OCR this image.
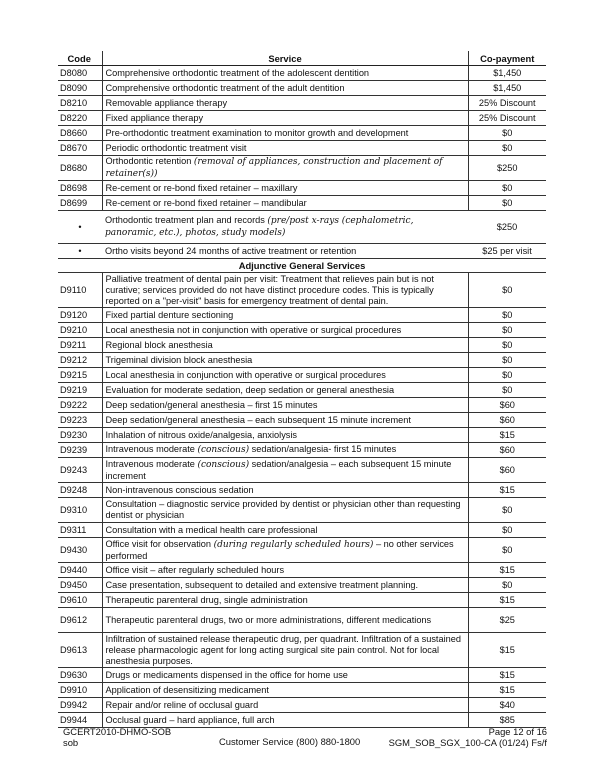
Code	Service	Co-payment
D8080	Comprehensive orthodontic treatment of the adolescent dentition	$1,450
D8090	Comprehensive orthodontic treatment of the adult dentition	$1,450
D8210	Removable appliance therapy	25% Discount
D8220	Fixed appliance therapy	25% Discount
D8660	Pre-orthodontic treatment examination to monitor growth and development	$0
D8670	Periodic orthodontic treatment visit	$0
D8680	Orthodontic retention (removal of appliances, construction and placement of retainer(s))	$250
D8698	Re-cement or re-bond fixed retainer – maxillary	$0
D8699	Re-cement or re-bond fixed retainer – mandibular	$0
•	Orthodontic treatment plan and records (pre/post x-rays (cephalometric, panoramic, etc.), photos, study models)	$250
•	Ortho visits beyond 24 months of active treatment or retention	$25 per visit
Adjunctive General Services		
D9110	Palliative treatment of dental pain per visit: Treatment that relieves pain but is not curative; services provided do not have distinct procedure codes. This is typically reported on a "per-visit" basis for emergency treatment of dental pain.	$0
D9120	Fixed partial denture sectioning	$0
D9210	Local anesthesia not in conjunction with operative or surgical procedures	$0
D9211	Regional block anesthesia	$0
D9212	Trigeminal division block anesthesia	$0
D9215	Local anesthesia in conjunction with operative or surgical procedures	$0
D9219	Evaluation for moderate sedation, deep sedation or general anesthesia	$0
D9222	Deep sedation/general anesthesia – first 15 minutes	$60
D9223	Deep sedation/general anesthesia – each subsequent 15 minute increment	$60
D9230	Inhalation of nitrous oxide/analgesia, anxiolysis	$15
D9239	Intravenous moderate (conscious) sedation/analgesia- first 15 minutes	$60
D9243	Intravenous moderate (conscious) sedation/analgesia – each subsequent 15 minute increment	$60
D9248	Non-intravenous conscious sedation	$15
D9310	Consultation – diagnostic service provided by dentist or physician other than requesting dentist or physician	$0
D9311	Consultation with a medical health care professional	$0
D9430	Office visit for observation (during regularly scheduled hours) – no other services performed	$0
D9440	Office visit – after regularly scheduled hours	$15
D9450	Case presentation, subsequent to detailed and extensive treatment planning.	$0
D9610	Therapeutic parenteral drug, single administration	$15
D9612	Therapeutic parenteral drugs, two or more administrations, different medications	$25
D9613	Infiltration of sustained release therapeutic drug, per quadrant. Infiltration of a sustained release pharmacologic agent for long acting surgical site pain control. Not for local anesthesia purposes.	$15
D9630	Drugs or medicaments dispensed in the office for home use	$15
D9910	Application of desensitizing medicament	$15
D9942	Repair and/or reline of occlusal guard	$40
D9944	Occlusal guard – hard appliance, full arch	$85
GCERT2010-DHMO-SOB
sob	Customer Service (800) 880-1800
Page 12 of 16
SGM_SOB_SGX_100-CA (01/24) Fs/f
